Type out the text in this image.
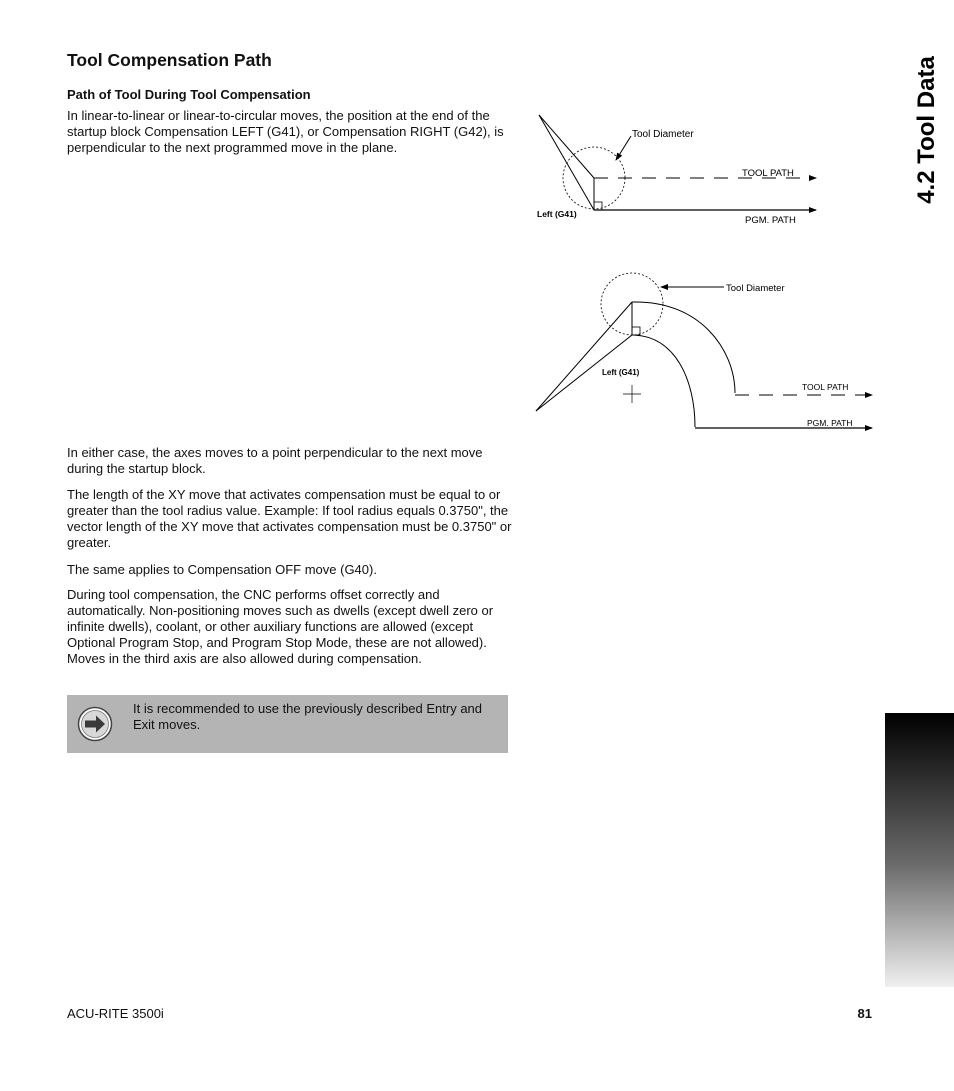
Tool Compensation Path
Path of Tool During Tool Compensation

In linear-to-linear or linear-to-circular moves, the position at the end of the startup block Compensation LEFT (G41), or Compensation RIGHT (G42), is perpendicular to the next programmed move in the plane.

In either case, the axes moves to a point perpendicular to the next move during the startup block.

The length of the XY move that activates compensation must be equal to or greater than the tool radius value. Example: If tool radius equals 0.3750", the vector length of the XY move that activates compensation must be 0.3750" or greater.

The same applies to Compensation OFF move (G40).

During tool compensation, the CNC performs offset correctly and automatically. Non-positioning moves such as dwells (except dwell zero or infinite dwells), coolant, or other auxiliary functions are allowed (except Optional Program Stop, and Program Stop Mode, these are not allowed). Moves in the third axis are also allowed during compensation.

It is recommended to use the previously described Entry and Exit moves.
Tool Diameter
TOOL PATH
PGM. PATH
Left (G41)
Tool Diameter
TOOL PATH
PGM. PATH
Left (G41)
4.2 Tool Data
ACU-RITE 3500i	81
